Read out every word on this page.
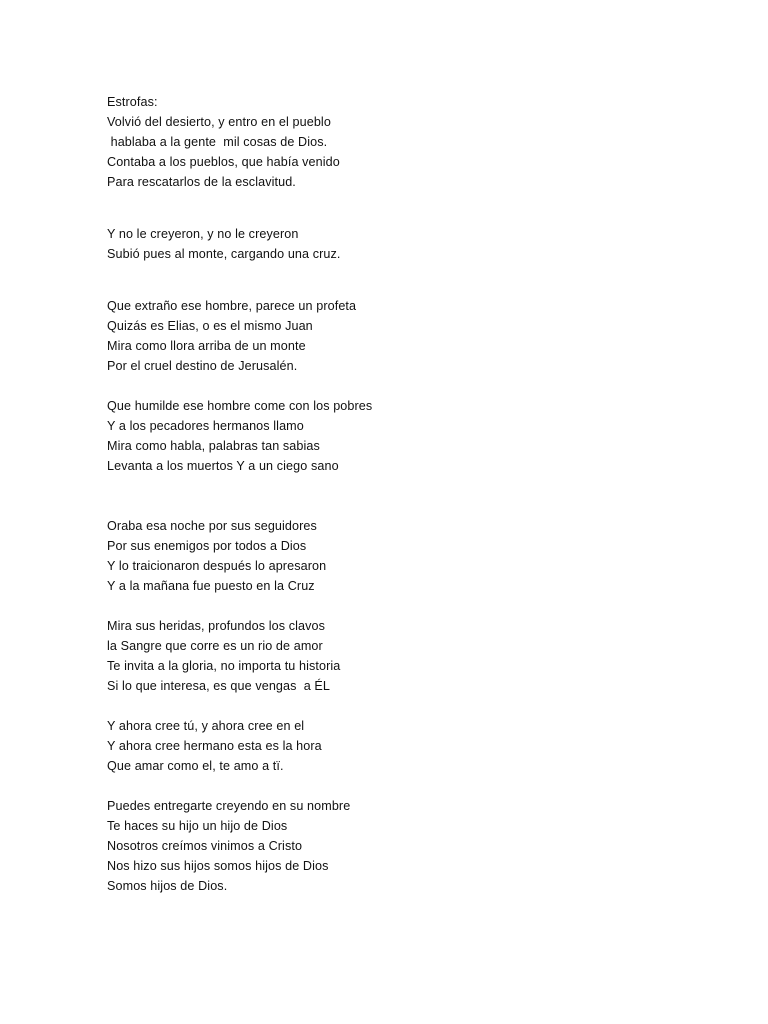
Estrofas:
Volvió del desierto, y entro en el pueblo
hablaba a la gente  mil cosas de Dios.
Contaba a los pueblos, que había venido
Para rescatarlos de la esclavitud.
Y no le creyeron, y no le creyeron
Subió pues al monte, cargando una cruz.
Que extraño ese hombre, parece un profeta
Quizás es Elias, o es el mismo Juan
Mira como llora arriba de un monte
Por el cruel destino de Jerusalén.
Que humilde ese hombre come con los pobres
Y a los pecadores hermanos llamo
Mira como habla, palabras tan sabias
Levanta a los muertos Y a un ciego sano
Oraba esa noche por sus seguidores
Por sus enemigos por todos a Dios
Y lo traicionaron después lo apresaron
Y a la mañana fue puesto en la Cruz
Mira sus heridas, profundos los clavos
la Sangre que corre es un rio de amor
Te invita a la gloria, no importa tu historia
Si lo que interesa, es que vengas  a ÉL
Y ahora cree tú, y ahora cree en el
Y ahora cree hermano esta es la hora
Que amar como el, te amo a tï.
Puedes entregarte creyendo en su nombre
Te haces su hijo un hijo de Dios
Nosotros creímos vinimos a Cristo
Nos hizo sus hijos somos hijos de Dios
Somos hijos de Dios.
